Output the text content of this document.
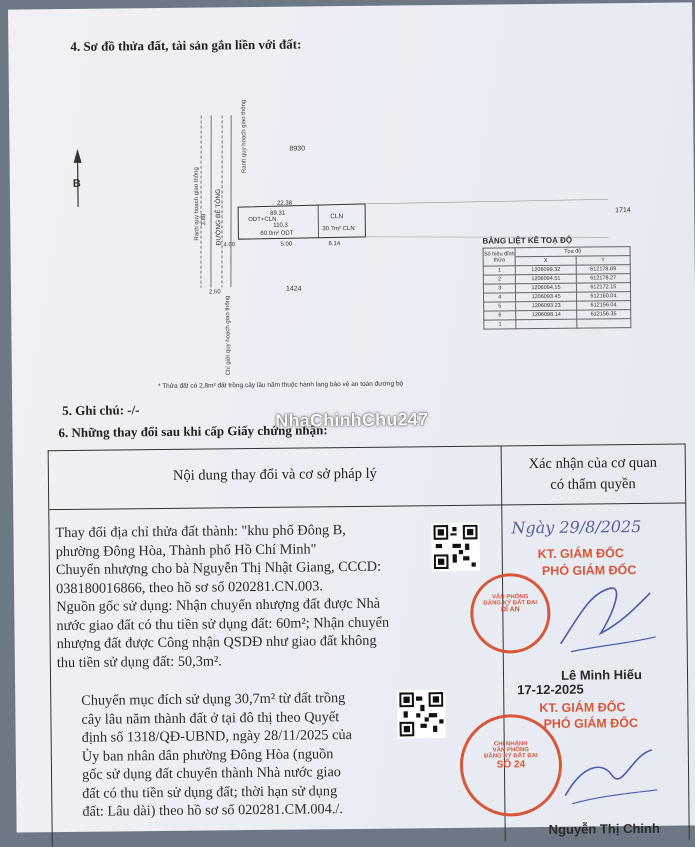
4. Sơ đồ thửa đất, tài sản gắn liền với đất:
B	Ranh quy hoạch giao thông
Ranh quy hoạch giao thông
ĐƯỜNG BÊ TÔNG
Chỉ giới quy hoạch giao thông
8930
1714
1424
22.38
89.31
ODT+CLN
110.3
60.0m² ODT
CLN
30.7m² CLN
6.14
4.00
2.50
5.00
3.88
BẢNG LIỆT KÊ TOẠ ĐỘ
Số hiệu đỉnh thửa	Tọa độ	
	X	Y
1	1206099.32	612178.69
2	1206094.51	612178.27
3	1206094.15	612172.15
4	1206093.45	612160.04
5	1206093.23	612156.04
6	1206098.14	612156.35
1		
* Thửa đất có 2,8m² đất trồng cây lâu năm thuộc hành lang bảo vệ an toàn đường bộ
5. Ghi chú: -/-
6. Những thay đổi sau khi cấp Giấy chứng nhận:
NhaChinhChu247
Nội dung thay đổi và cơ sở pháp lý
Xác nhận của cơ quan
có thẩm quyền
Thay đổi địa chỉ thửa đất thành: "khu phố Đông B,
phường Đông Hòa, Thành phố Hồ Chí Minh"
Chuyển nhượng cho bà Nguyễn Thị Nhật Giang, CCCD:
038180016866, theo hồ sơ số 020281.CN.003.
Nguồn gốc sử dụng: Nhận chuyển nhượng đất được Nhà
nước giao đất có thu tiền sử dụng đất: 60m²; Nhận chuyển
nhượng đất được Công nhận QSDĐ như giao đất không
thu tiền sử dụng đất: 50,3m².
Chuyển mục đích sử dụng 30,7m² từ đất trồng
cây lâu năm thành đất ở tại đô thị theo Quyết
định số 1318/QĐ-UBND, ngày 28/11/2025 của
Ủy ban nhân dân phường Đông Hòa (nguồn
gốc sử dụng đất chuyển thành Nhà nước giao
đất có thu tiền sử dụng đất; thời hạn sử dụng
đất: Lâu dài) theo hồ sơ số 020281.CM.004./.
Ngày 29/8/2025
KT. GIÁM ĐỐC
PHÓ GIÁM ĐỐC
VĂN PHÒNG
ĐĂNG KÝ ĐẤT ĐAI
DĨ AN
Lê Minh Hiếu
17-12-2025
KT. GIÁM ĐỐC
PHÓ GIÁM ĐỐC
CHI NHÁNH
VĂN PHÒNG
ĐĂNG KÝ ĐẤT ĐAI
SỐ 24
Nguyễn Thị Chinh
